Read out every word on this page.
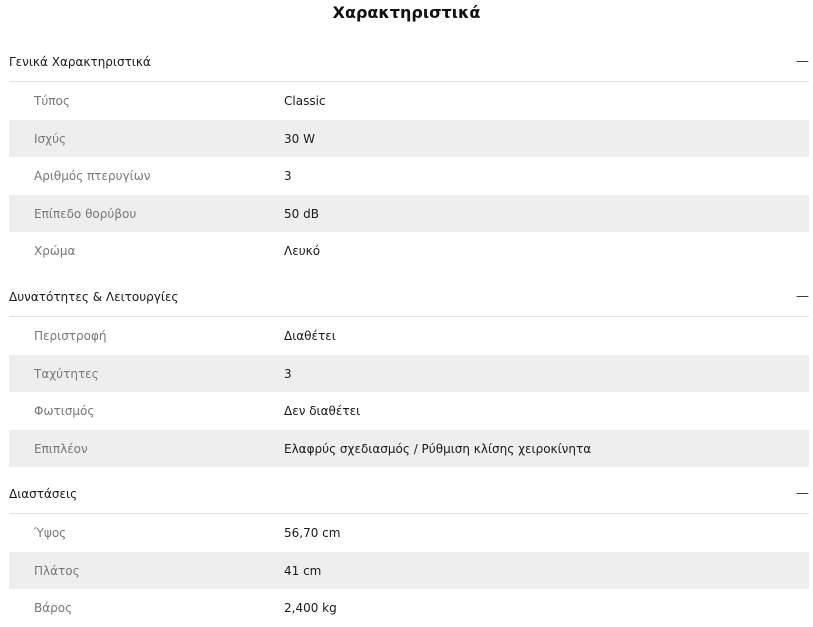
Χαρακτηριστικά
Γενικά Χαρακτηριστικά	—
Τύπος	Classic
Ισχύς	30 W
Αριθμός πτερυγίων	3
Επίπεδο θορύβου	50 dB
Χρώμα	Λευκό
Δυνατότητες & Λειτουργίες	—
Περιστροφή	Διαθέτει
Ταχύτητες	3
Φωτισμός	Δεν διαθέτει
Επιπλέον	Ελαφρύς σχεδιασμός / Ρύθμιση κλίσης χειροκίνητα
Διαστάσεις	—
Ύψος	56,70 cm
Πλάτος	41 cm
Βάρος	2,400 kg
